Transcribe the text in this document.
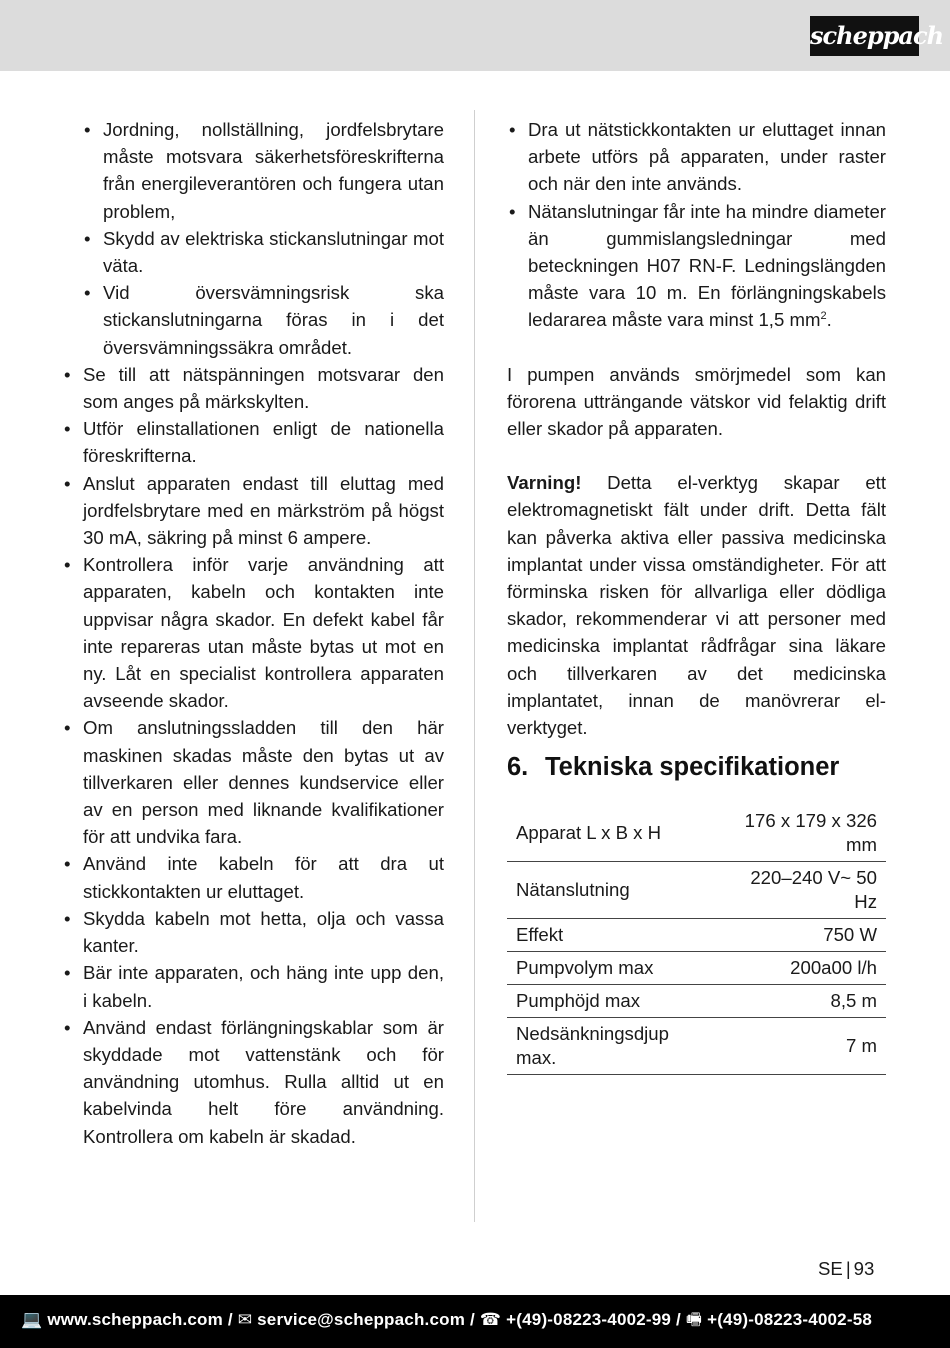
scheppach
• Jordning, nollställning, jordfelsbrytare måste motsvara säkerhetsföreskrifterna från energileverantören och fungera utan problem,
• Skydd av elektriska stickanslutningar mot väta.
• Vid översvämningsrisk ska stickanslutningarna föras in i det översvämningssäkra området.
• Se till att nätspänningen motsvarar den som anges på märkskylten.
• Utför elinstallationen enligt de nationella föreskrifterna.
• Anslut apparaten endast till eluttag med jordfelsbrytare med en märkström på högst 30 mA, säkring på minst 6 ampere.
• Kontrollera inför varje användning att apparaten, kabeln och kontakten inte uppvisar några skador. En defekt kabel får inte repareras utan måste bytas ut mot en ny. Låt en specialist kontrollera apparaten avseende skador.
• Om anslutningssladden till den här maskinen skadas måste den bytas ut av tillverkaren eller dennes kundservice eller av en person med liknande kvalifikationer för att undvika fara.
• Använd inte kabeln för att dra ut stickkontakten ur eluttaget.
• Skydda kabeln mot hetta, olja och vassa kanter.
• Bär inte apparaten, och häng inte upp den, i kabeln.
• Använd endast förlängningskablar som är skyddade mot vattenstänk och för användning utomhus. Rulla alltid ut en kabelvinda helt före användning. Kontrollera om kabeln är skadad.
• Dra ut nätstickkontakten ur eluttaget innan arbete utförs på apparaten, under raster och när den inte används.
• Nätanslutningar får inte ha mindre diameter än gummislangsledningar med beteckningen H07 RN-F. Ledningslängden måste vara 10 m. En förlängningskabels ledararea måste vara minst 1,5 $mm^2$.

I pumpen används smörjmedel som kan förorena utträngande vätskor vid felaktig drift eller skador på apparaten.

Varning! Detta el-verktyg skapar ett elektromagnetiskt fält under drift. Detta fält kan påverka aktiva eller passiva medicinska implantat under vissa omständigheter. För att förminska risken för allvarliga eller dödliga skador, rekommenderar vi att personer med medicinska implantat rådfrågar sina läkare och tillverkaren av det medicinska implantatet, innan de manövrerar el-verktyget.

6. Tekniska specifikationer
Apparat L x B x H	176 x 179 x 326 mm
Nätanslutning	220–240 V~ 50 Hz
Effekt	750 W
Pumpvolym max	200a00 l/h
Pumphöjd max	8,5 m
Nedsänkningsdjup max.	7 m
SE | 93
💻 www.scheppach.com / ✉ service@scheppach.com / ☎ +(49)-08223-4002-99 / 🖷 +(49)-08223-4002-58
